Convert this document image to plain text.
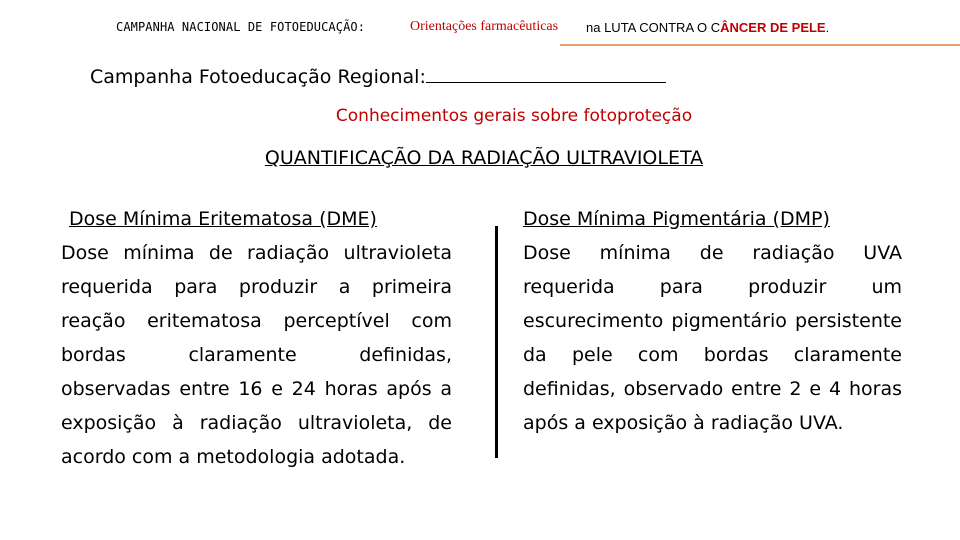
CAMPANHA NACIONAL DE FOTOEDUCAÇÃO:	Orientações farmacêuticas na LUTA CONTRA O CÂNCER DE PELE.
Campanha Fotoeducação Regional:
Conhecimentos gerais sobre fotoproteção
QUANTIFICAÇÃO DA RADIAÇÃO ULTRAVIOLETA
Dose Mínima Eritematosa (DME)
Dose mínima de radiação ultravioleta requerida para produzir a primeira reação eritematosa perceptível com bordas claramente definidas, observadas entre 16 e 24 horas após a exposição à radiação ultravioleta, de acordo com a metodologia adotada.
Dose Mínima Pigmentária (DMP)
Dose mínima de radiação UVA requerida para produzir um escurecimento pigmentário persistente da pele com bordas claramente definidas, observado entre 2 e 4 horas após a exposição à radiação UVA.
